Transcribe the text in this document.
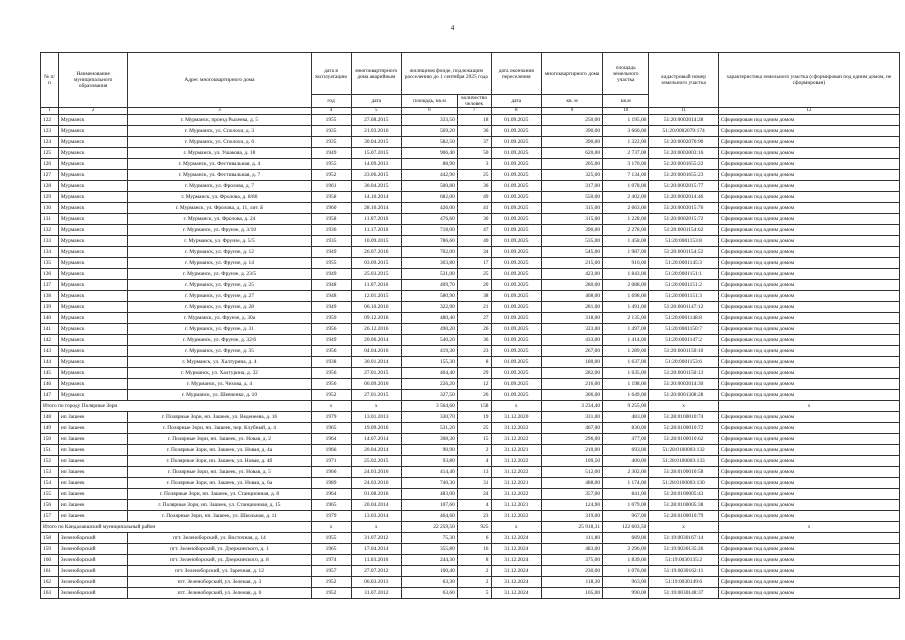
4
№ п/п	Наименование муниципального образования	Адрес многоквартирного дома	дата в эксплуатацию	многоквартирного дома аварийным	жилищном фонде, подлежащим расселению до 1 сентября 2025 года		дата окончания переселения	многоквартирного дома	площадь земельного участка	кадастровый номер земельного участка	характеристика земельного участка (сформирован под одним домом, не сформирован)
			год	дата	площадь, кв.м	количество человек	дата	кв. м	кв.м		
1	2	3	4	5	6	7	8	9	10	11	12
122	Мурманск	г. Мурманск, проезд Рылеева, д. 5	1955	27.08.2015	333,50	18	01.09.2025	250,00	1 195,00	51:20:0002014:28	Сформирован под одним домом
123	Мурманск	г. Мурманск, ул. Сполохи, д. 3	1935	21.03.2016	569,20	36	01.09.2025	390,00	3 660,00	51:20:0002070:174	Сформирован под одним домом
124	Мурманск	г. Мурманск, ул. Сполохи, д. 6	1935	30.04.2015	582,50	37	01.09.2025	390,00	1 322,00	51:20:0002070:90	Сформирован под одним домом
125	Мурманск	г. Мурманск, ул. Ушакова, д. 18	1949	15.07.2015	906,40	50	01.09.2025	620,00	2 737,00	51:20:0003003:16	Сформирован под одним домом
126	Мурманск	г. Мурманск, ул. Фестивальная, д. 4	1955	14.09.2013	88,90	3	01.09.2025	205,00	3 170,00	51:20:0001655:22	Сформирован под одним домом
127	Мурманск	г. Мурманск, ул. Фестивальная, д. 7	1952	23.06.2015	442,90	25	01.09.2025	325,00	7 134,00	51:20:0001655:23	Сформирован под одним домом
128	Мурманск	г. Мурманск, ул. Фролова, д. 7	1961	30.04.2015	500,80	36	01.09.2025	317,00	1 078,00	51:20:0002015:77	Сформирован под одним домом
129	Мурманск	г. Мурманск, ул. Фролова, д. 8/80	1958	14.10.2014	682,00	49	01.09.2025	550,00	2 402,00	51:20:0002014:46	Сформирован под одним домом
130	Мурманск	г. Мурманск, ул. Фролова, д. 11, лит. Б	1960	28.10.2014	426,00	41	01.09.2025	315,00	2 663,00	51:20:0002015:76	Сформирован под одним домом
131	Мурманск	г. Мурманск, ул. Фролова, д. 24	1958	11.07.2016	476,60	30	01.09.2025	315,00	1 228,00	51:20:0002015:72	Сформирован под одним домом
132	Мурманск	г. Мурманск, ул. Фрунзе, д. 3/10	1936	11.17.2016	718,00	47	01.09.2025	390,00	2 278,00	51:20:0001154:62	Сформирован под одним домом
133	Мурманск	г. Мурманск, ул. Фрунзе, д. 5/5	1935	10.09.2015	786,60	40	01.09.2025	535,00	1 458,00	51:20:0001153:8	Сформирован под одним домом
134	Мурманск	г. Мурманск, ул. Фрунзе, д. 12	1949	26.07.2016	702,00	34	01.09.2025	545,00	1 987,00	51:20:0001154:52	Сформирован под одним домом
135	Мурманск	г. Мурманск, ул. Фрунзе, д. 14	1955	03.09.2015	303,80	17	01.09.2025	215,00	916,00	51:20:0001145:3	Сформирован под одним домом
136	Мурманск	г. Мурманск, ул. Фрунзе, д. 23/5	1949	25.03.2015	531,00	25	01.09.2025	423,00	1 843,00	51:20:0001151:1	Сформирован под одним домом
137	Мурманск	г. Мурманск, ул. Фрунзе, д. 25	1948	11.07.2016	409,70	20	01.09.2025	280,00	2 088,00	51:20:0001151:2	Сформирован под одним домом
138	Мурманск	г. Мурманск, ул. Фрунзе, д. 27	1948	12.01.2015	580,90	38	01.09.2025	408,00	1 698,00	51:20:0001151:3	Сформирован под одним домом
139	Мурманск	г. Мурманск, ул. Фрунзе, д. 28	1949	06.10.2016	322,90	21	01.09.2025	281,00	1 491,00	51:20:0001147:12	Сформирован под одним домом
140	Мурманск	г. Мурманск, ул. Фрунзе, д. 30а	1959	09.12.2016	480,40	27	01.09.2025	318,00	2 135,00	51:20:0001148:8	Сформирован под одним домом
141	Мурманск	г. Мурманск, ул. Фрунзе, д. 31	1956	26.12.2016	490,20	26	01.09.2025	323,00	1 497,00	51:20:0001150:7	Сформирован под одним домом
142	Мурманск	г. Мурманск, ул. Фрунзе, д. 32/6	1949	20.06.2014	540,20	36	01.09.2025	433,00	1 414,00	51:20:0001147:2	Сформирован под одним домом
143	Мурманск	г. Мурманск, ул. Фрунзе, д. 35	1956	04.04.2016	419,30	23	01.09.2025	267,00	1 289,00	51:20:0001150:10	Сформирован под одним домом
144	Мурманск	г. Мурманск, ул. Халтурина, д. 4	1938	30.01.2014	155,30	8	01.09.2025	180,00	1 637,00	51:20:0001153:6	Сформирован под одним домом
145	Мурманск	г. Мурманск, ул. Халтурина, д. 32	1956	27.01.2015	404,40	29	01.09.2025	282,00	1 635,00	51:20:0001150:13	Сформирован под одним домом
146	Мурманск	г. Мурманск, ул. Чехова, д. 4	1956	06.09.2016	226,20	12	01.09.2025	216,00	1 198,00	51:20:0002014:30	Сформирован под одним домом
147	Мурманск	г. Мурманск, ул. Шевченко, д. 10	1952	27.01.2015	327,50	26	01.09.2025	306,00	1 649,00	51:20:0001308:28	Сформирован под одним домом
Итого по городу Полярные Зори			x	x	3 564,60	158	x	3 234,40	9 255,00	x	x
148	нп Зашеек	г. Полярные Зори, нп. Зашеек, ул. Веденеева, д. 16	1979	13.01.2013	330,70	19	31.12.2020	331,00	483,00	51:28:0100010:74	Сформирован под одним домом
149	нп Зашеек	г. Полярные Зори, нп. Зашеек, пер. Клубный, д. 4	1965	19.09.2016	531,20	25	31.12.2022	467,00	830,00	51:28:0100010:72	Сформирован под одним домом
150	нп Зашеек	г. Полярные Зори, нп. Зашеек, ул. Новая, д. 2	1964	14.07.2014	308,30	15	31.12.2022	296,00	477,00	51:28:0100010:62	Сформирован под одним домом
151	нп Зашеек	г. Полярные Зори, нп. Зашеек, ул. Новая, д. 4а	1966	20.04.2014	90,90	2	31.12.2021	210,00	693,00	51:28:0100003:132	Сформирован под одним домом
152	нп Зашеек	г. Полярные Зори, нп. Зашеек, ул. Новая, д. 4б	1971	25.02.2015	93,80	4	31.12.2022	109,50	400,00	51:28:0100003:133	Сформирован под одним домом
153	нп Зашеек	г. Полярные Зори, нп. Зашеек, ул. Новая, д. 5	1966	24.03.2016	414,40	13	31.12.2022	512,00	2 302,00	51:28:0100010:58	Сформирован под одним домом
154	нп Зашеек	г. Полярные Зори, нп. Зашеек, ул. Новая, д. 6а	1989	24.03.2016	740,30	31	31.12.2021	488,00	1 174,00	51:28:0100003:130	Сформирован под одним домом
155	нп Зашеек	г. Полярные Зори, нп. Зашеек, ул. Станционная, д. 8	1964	01.08.2016	483,00	24	31.12.2022	357,00	841,00	51:28:0100005:43	Сформирован под одним домом
156	нп Зашеек	г. Полярные Зори, нп. Зашеек, ул. Станционная, д. 15	1965	20.04.2014	107,60	4	31.12.2021	124,90	1 079,00	51:28:0100005:38	Сформирован под одним домом
157	нп Зашеек	г. Полярные Зори, нп. Зашеек, ул. Школьная, д. 11	1979	13.03.2014	464,60	23	31.12.2022	319,00	967,00	51:28:0100010:79	Сформирован под одним домом
Итого по Кандалакшский муниципальный район			x	x	22 259,50	925	x	25 918,31	122 603,50	x	x
158	Зеленоборский	пгт. Зеленоборский, ул. Восточная, д. 14	1955	31.07.2012	75,30	6	31.12.2024	111,80	689,00	51:19:0030167:14	Сформирован под одним домом
159	Зеленоборский	пгт. Зеленоборский, ул. Дзержинского, д. 1	1965	17.04.2014	355,80	16	31.12.2024	483,00	2 296,00	51:19:0030135:26	Сформирован под одним домом
160	Зеленоборский	пгт. Зеленоборский, ул. Дзержинского, д. 8	1974	11.03.2016	244,30	8	31.12.2024	375,00	1 839,00	51:19:0030135:2	Сформирован под одним домом
161	Зеленоборский	пгт. Зеленоборский, ул. Заречная, д. 12	1957	27.07.2012	100,40	2	31.12.2024	230,00	1 076,00	51:19:0030162:11	Сформирован под одним домом
162	Зеленоборский	пгт. Зеленоборский, ул. Зеленая, д. 3	1952	06.03.2013	63,30	2	31.12.2024	118,30	963,00	51:19:0030149:6	Сформирован под одним домом
163	Зеленоборский	пгт. Зеленоборский, ул. Зеленая, д. 6	1952	31.07.2012	63,60	5	31.12.2024	105,00	990,00	51:19:0030148:37	Сформирован под одним домом
